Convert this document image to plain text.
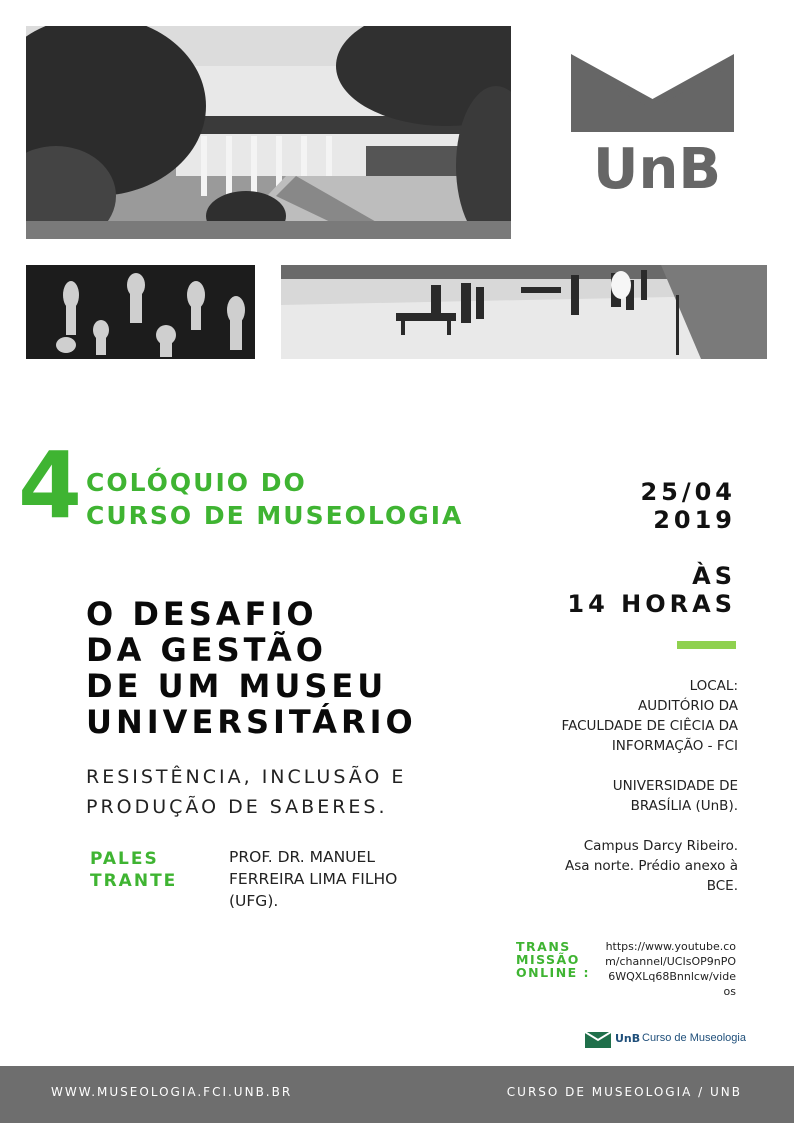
UnB
4 COLÓQUIO DO
CURSO DE MUSEOLOGIA
O DESAFIO
DA GESTÃO
DE UM MUSEU
UNIVERSITÁRIO
RESISTÊNCIA, INCLUSÃO E
PRODUÇÃO DE SABERES.
PALES
TRANTE
PROF. DR. MANUEL FERREIRA LIMA FILHO (UFG).
25/04
2019
ÀS
14 HORAS
LOCAL:
AUDITÓRIO DA
FACULDADE DE CIÊCIA DA
INFORMAÇÃO - FCI
UNIVERSIDADE DE
BRASÍLIA (UnB).
Campus Darcy Ribeiro.
Asa norte. Prédio anexo à
BCE.
TRANS
MISSÃO
ONLINE :
https://www.youtube.com/channel/UCIsOP9nPO6WQXLq68Bnnlcw/videos
UnB Curso de Museologia
WWW.MUSEOLOGIA.FCI.UNB.BR	CURSO DE MUSEOLOGIA / UNB
